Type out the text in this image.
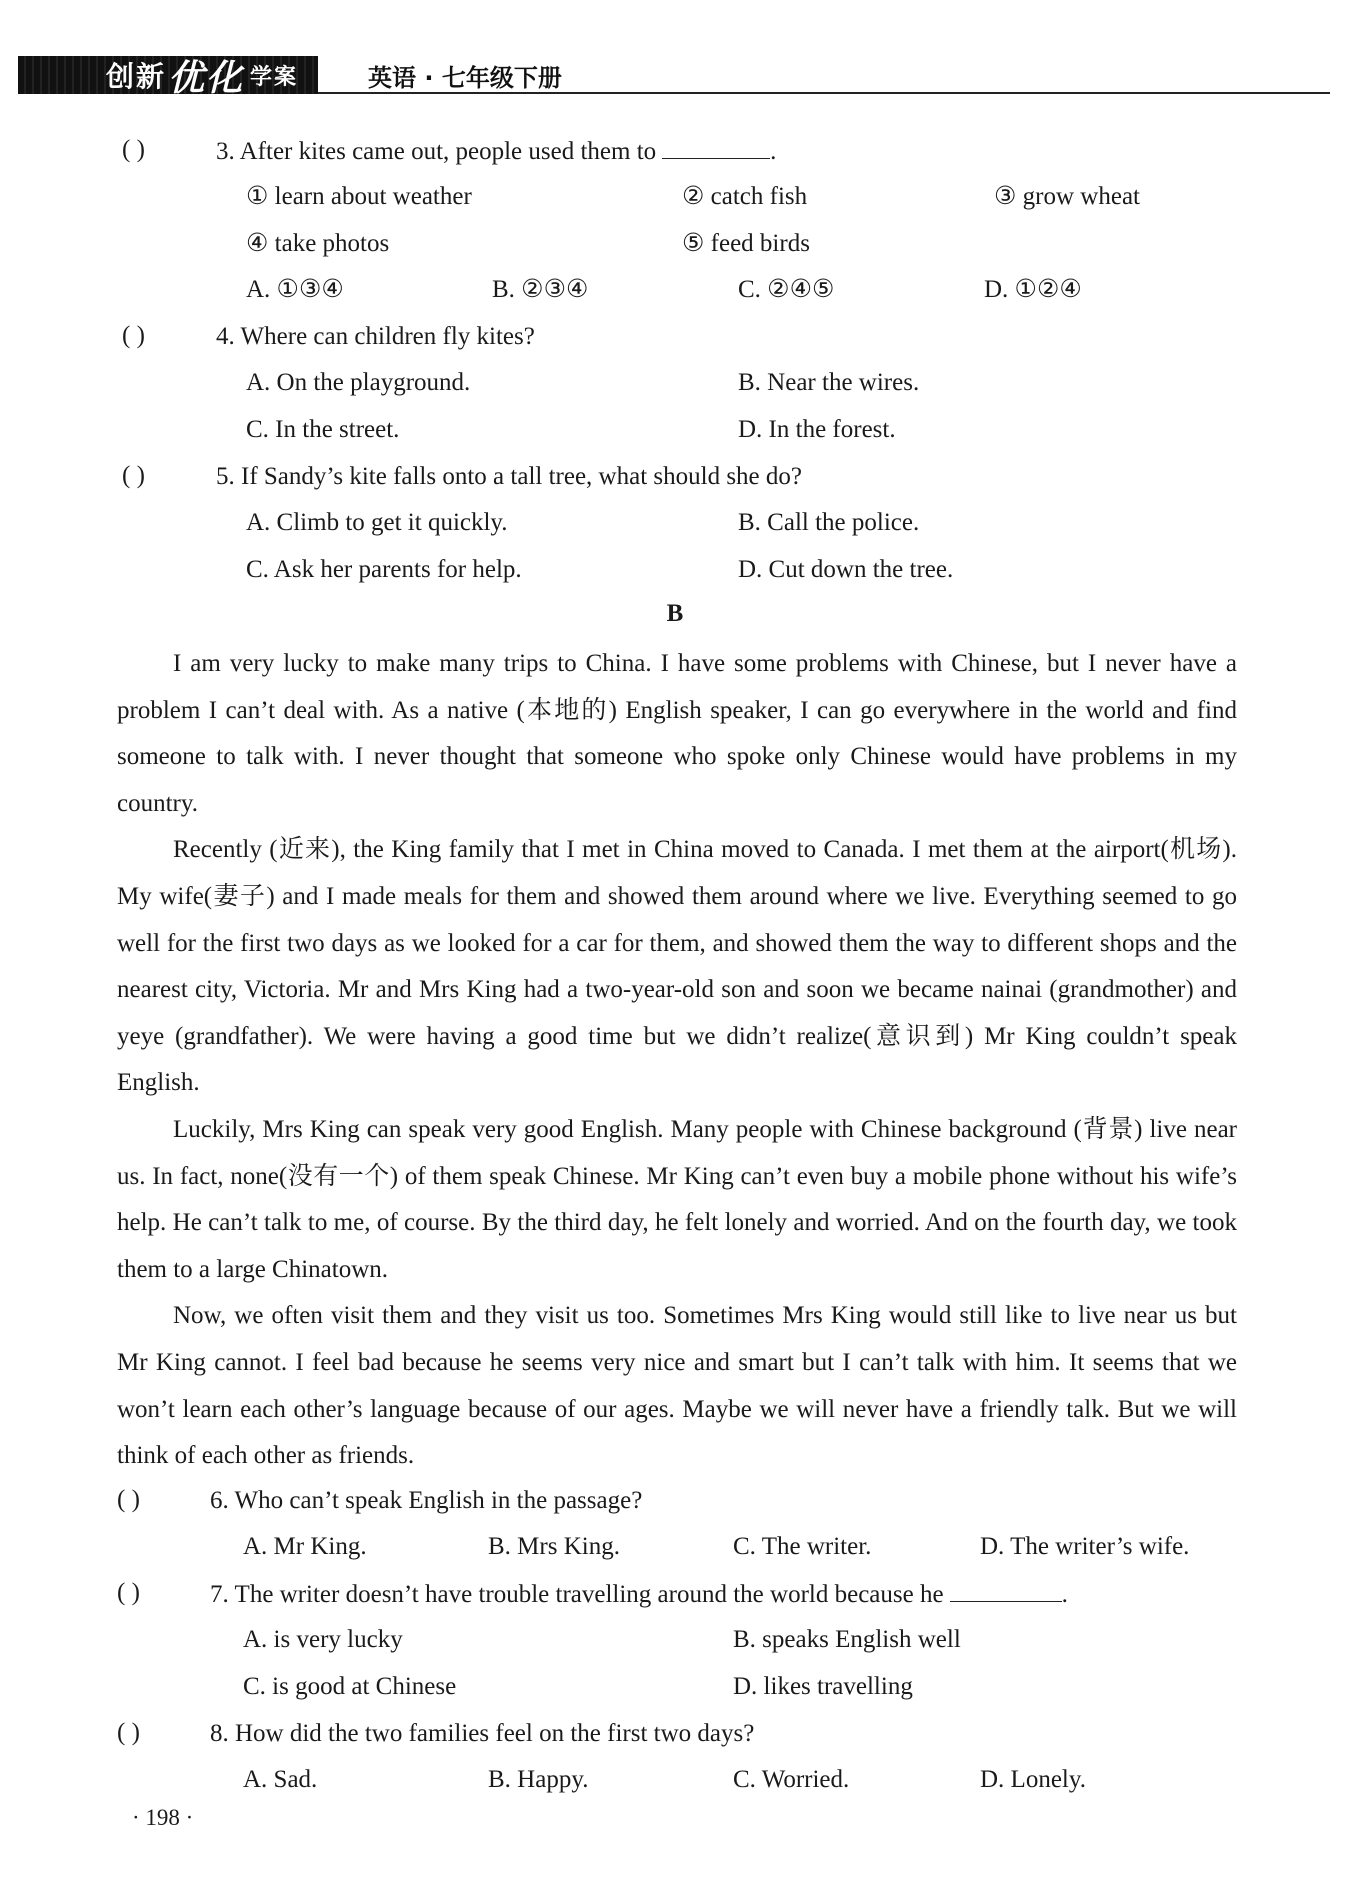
创新 优化 学案	英语 · 七年级下册
( )	3. After kites came out, people used them to	.
① learn about weather	② catch fish	③ grow wheat
④ take photos	⑤ feed birds
A. ①③④	B. ②③④	C. ②④⑤	D. ①②④
( )	4. Where can children fly kites?
A. On the playground.	B. Near the wires.
C. In the street.	D. In the forest.
( )	5. If Sandy’s kite falls onto a tall tree, what should she do?
A. Climb to get it quickly.	B. Call the police.
C. Ask her parents for help.	D. Cut down the tree.
B

I am very lucky to make many trips to China. I have some problems with Chinese, but I never have a problem I can’t deal with. As a native (本地的) English speaker, I can go everywhere in the world and find someone to talk with. I never thought that someone who spoke only Chinese would have problems in my country.

Recently (近来), the King family that I met in China moved to Canada. I met them at the airport(机场). My wife(妻子) and I made meals for them and showed them around where we live. Everything seemed to go well for the first two days as we looked for a car for them, and showed them the way to different shops and the nearest city, Victoria. Mr and Mrs King had a two-year-old son and soon we became nainai (grandmother) and yeye (grandfather). We were having a good time but we didn’t realize(意识到) Mr King couldn’t speak English.

Luckily, Mrs King can speak very good English. Many people with Chinese background (背景) live near us. In fact, none(没有一个) of them speak Chinese. Mr King can’t even buy a mobile phone without his wife’s help. He can’t talk to me, of course. By the third day, he felt lonely and worried. And on the fourth day, we took them to a large Chinatown.

Now, we often visit them and they visit us too. Sometimes Mrs King would still like to live near us but Mr King cannot. I feel bad because he seems very nice and smart but I can’t talk with him. It seems that we won’t learn each other’s language because of our ages. Maybe we will never have a friendly talk. But we will think of each other as friends.

( )	6. Who can’t speak English in the passage?
A. Mr King.	B. Mrs King.	C. The writer.	D. The writer’s wife.
( )	7. The writer doesn’t have trouble travelling around the world because he	.
A. is very lucky	B. speaks English well
C. is good at Chinese	D. likes travelling
( )	8. How did the two families feel on the first two days?
A. Sad.	B. Happy.	C. Worried.	D. Lonely.
· 198 ·
